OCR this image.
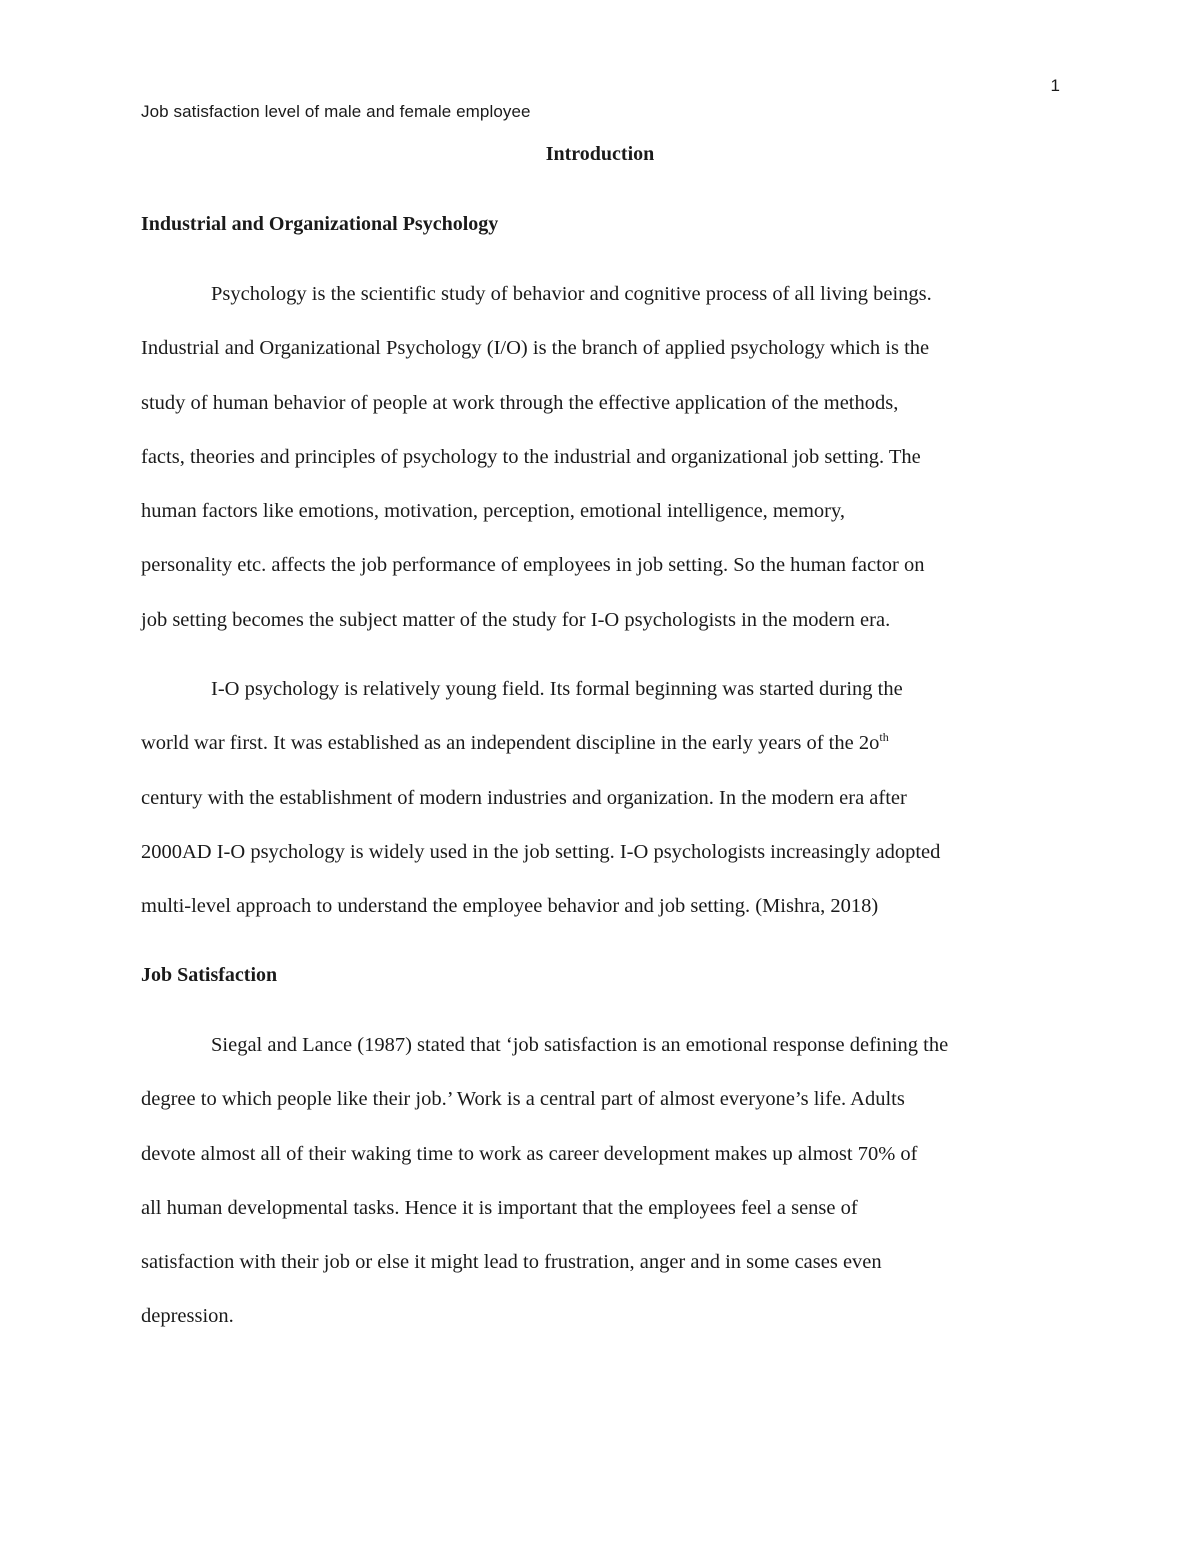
1
Job satisfaction level of male and female employee
Introduction
Industrial and Organizational Psychology

Psychology is the scientific study of behavior and cognitive process of all living beings.
Industrial and Organizational Psychology (I/O) is the branch of applied psychology which is the
study of human behavior of people at work through the effective application of the methods,
facts, theories and principles of psychology to the industrial and organizational job setting. The
human factors like emotions, motivation, perception, emotional intelligence, memory,
personality etc. affects the job performance of employees in job setting. So the human factor on
job setting becomes the subject matter of the study for I-O psychologists in the modern era.

I-O psychology is relatively young field. Its formal beginning was started during the
world war first. It was established as an independent discipline in the early years of the $2o^{th}$
century with the establishment of modern industries and organization. In the modern era after
2000AD I-O psychology is widely used in the job setting. I-O psychologists increasingly adopted
multi-level approach to understand the employee behavior and job setting. (Mishra, 2018)

Job Satisfaction

Siegal and Lance (1987) stated that ‘job satisfaction is an emotional response defining the
degree to which people like their job.’ Work is a central part of almost everyone’s life. Adults
devote almost all of their waking time to work as career development makes up almost 70% of
all human developmental tasks. Hence it is important that the employees feel a sense of
satisfaction with their job or else it might lead to frustration, anger and in some cases even
depression.
